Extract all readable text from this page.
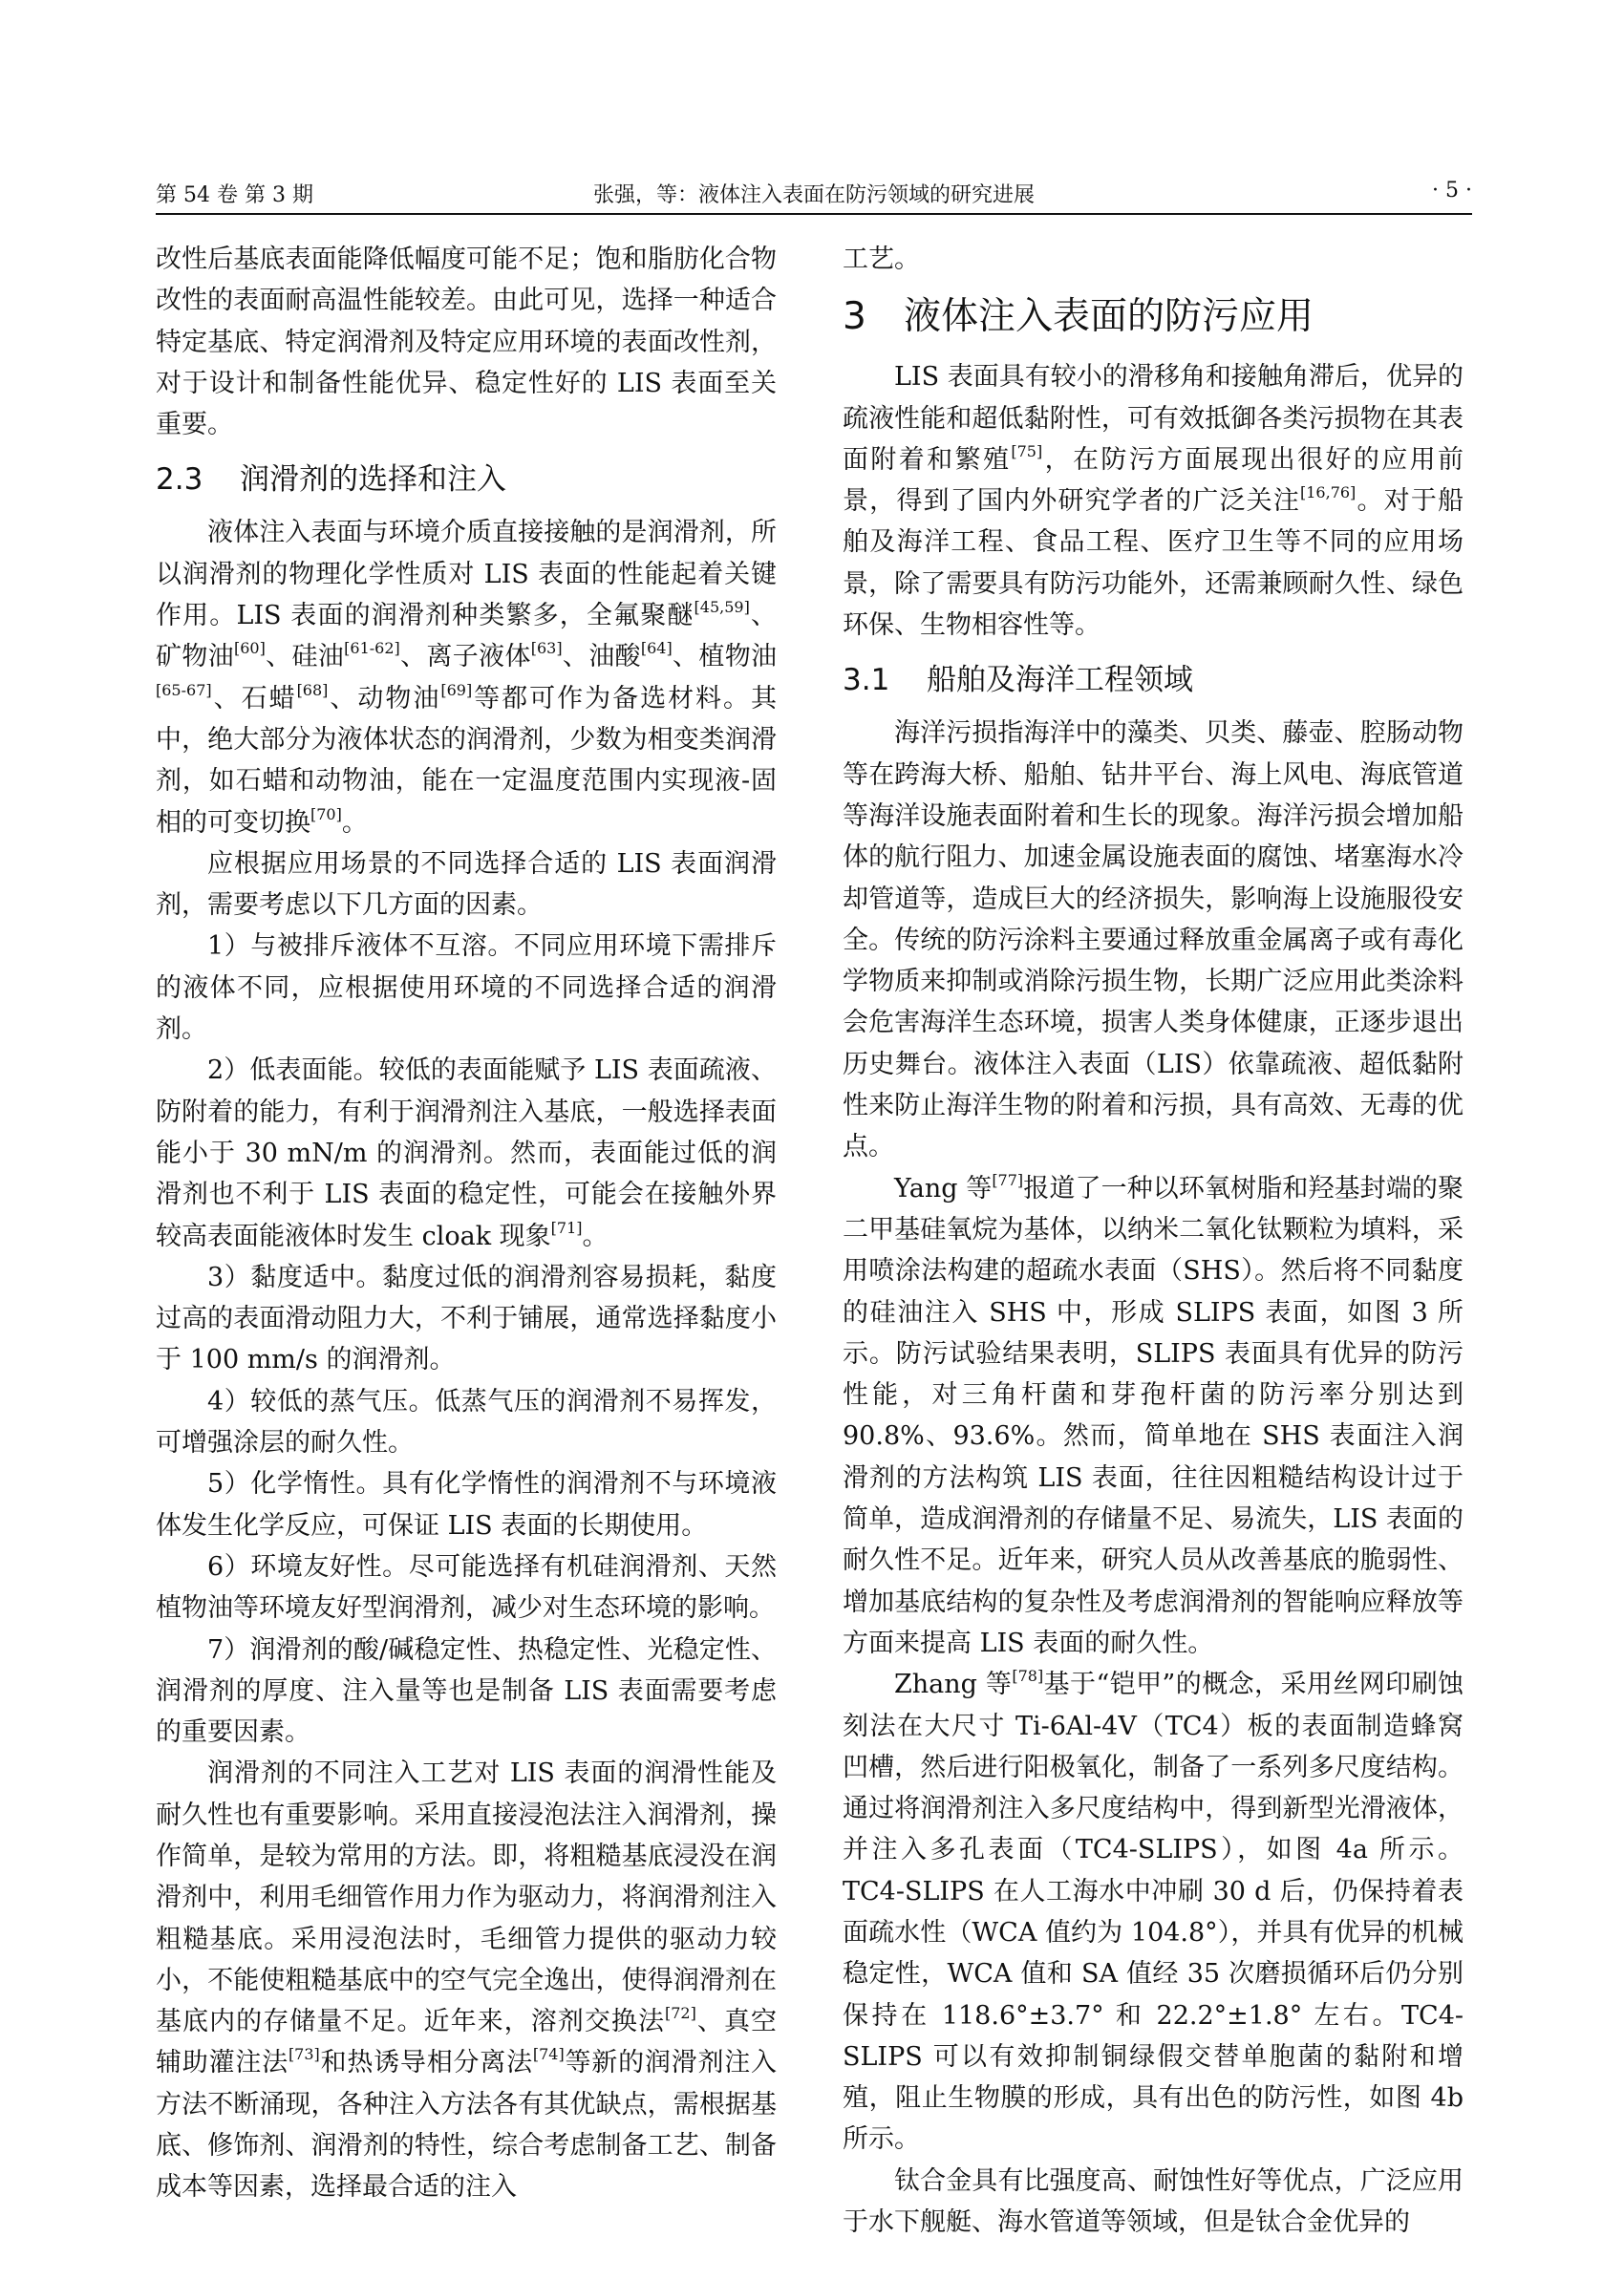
第 54 卷 第 3 期	张强，等：液体注入表面在防污领域的研究进展	· 5 ·

改性后基底表面能降低幅度可能不足；饱和脂肪化合物改性的表面耐高温性能较差。由此可见，选择一种适合特定基底、特定润滑剂及特定应用环境的表面改性剂，对于设计和制备性能优异、稳定性好的 LIS 表面至关重要。

2.3 润滑剂的选择和注入

液体注入表面与环境介质直接接触的是润滑剂，所以润滑剂的物理化学性质对 LIS 表面的性能起着关键作用。LIS 表面的润滑剂种类繁多，全氟聚醚[45,59]、矿物油[60]、硅油[61-62]、离子液体[63]、油酸[64]、植物油[65-67]、石蜡[68]、动物油[69]等都可作为备选材料。其中，绝大部分为液体状态的润滑剂，少数为相变类润滑剂，如石蜡和动物油，能在一定温度范围内实现液-固相的可变切换[70]。

应根据应用场景的不同选择合适的 LIS 表面润滑剂，需要考虑以下几方面的因素。

1）与被排斥液体不互溶。不同应用环境下需排斥的液体不同，应根据使用环境的不同选择合适的润滑剂。

2）低表面能。较低的表面能赋予 LIS 表面疏液、防附着的能力，有利于润滑剂注入基底，一般选择表面能小于 30 mN/m 的润滑剂。然而，表面能过低的润滑剂也不利于 LIS 表面的稳定性，可能会在接触外界较高表面能液体时发生 cloak 现象[71]。

3）黏度适中。黏度过低的润滑剂容易损耗，黏度过高的表面滑动阻力大，不利于铺展，通常选择黏度小于 100 mm/s 的润滑剂。

4）较低的蒸气压。低蒸气压的润滑剂不易挥发，可增强涂层的耐久性。

5）化学惰性。具有化学惰性的润滑剂不与环境液体发生化学反应，可保证 LIS 表面的长期使用。

6）环境友好性。尽可能选择有机硅润滑剂、天然植物油等环境友好型润滑剂，减少对生态环境的影响。

7）润滑剂的酸/碱稳定性、热稳定性、光稳定性、润滑剂的厚度、注入量等也是制备 LIS 表面需要考虑的重要因素。

润滑剂的不同注入工艺对 LIS 表面的润滑性能及耐久性也有重要影响。采用直接浸泡法注入润滑剂，操作简单，是较为常用的方法。即，将粗糙基底浸没在润滑剂中，利用毛细管作用力作为驱动力，将润滑剂注入粗糙基底。采用浸泡法时，毛细管力提供的驱动力较小，不能使粗糙基底中的空气完全逸出，使得润滑剂在基底内的存储量不足。近年来，溶剂交换法[72]、真空辅助灌注法[73]和热诱导相分离法[74]等新的润滑剂注入方法不断涌现，各种注入方法各有其优缺点，需根据基底、修饰剂、润滑剂的特性，综合考虑制备工艺、制备成本等因素，选择最合适的注入

工艺。

3 液体注入表面的防污应用

LIS 表面具有较小的滑移角和接触角滞后，优异的疏液性能和超低黏附性，可有效抵御各类污损物在其表面附着和繁殖[75]，在防污方面展现出很好的应用前景，得到了国内外研究学者的广泛关注[16,76]。对于船舶及海洋工程、食品工程、医疗卫生等不同的应用场景，除了需要具有防污功能外，还需兼顾耐久性、绿色环保、生物相容性等。

3.1 船舶及海洋工程领域

海洋污损指海洋中的藻类、贝类、藤壶、腔肠动物等在跨海大桥、船舶、钻井平台、海上风电、海底管道等海洋设施表面附着和生长的现象。海洋污损会增加船体的航行阻力、加速金属设施表面的腐蚀、堵塞海水冷却管道等，造成巨大的经济损失，影响海上设施服役安全。传统的防污涂料主要通过释放重金属离子或有毒化学物质来抑制或消除污损生物，长期广泛应用此类涂料会危害海洋生态环境，损害人类身体健康，正逐步退出历史舞台。液体注入表面（LIS）依靠疏液、超低黏附性来防止海洋生物的附着和污损，具有高效、无毒的优点。

Yang 等[77]报道了一种以环氧树脂和羟基封端的聚二甲基硅氧烷为基体，以纳米二氧化钛颗粒为填料，采用喷涂法构建的超疏水表面（SHS）。然后将不同黏度的硅油注入 SHS 中，形成 SLIPS 表面，如图 3 所示。防污试验结果表明，SLIPS 表面具有优异的防污性能，对三角杆菌和芽孢杆菌的防污率分别达到 90.8%、93.6%。然而，简单地在 SHS 表面注入润滑剂的方法构筑 LIS 表面，往往因粗糙结构设计过于简单，造成润滑剂的存储量不足、易流失，LIS 表面的耐久性不足。近年来，研究人员从改善基底的脆弱性、增加基底结构的复杂性及考虑润滑剂的智能响应释放等方面来提高 LIS 表面的耐久性。

Zhang 等[78]基于“铠甲”的概念，采用丝网印刷蚀刻法在大尺寸 Ti-6Al-4V（TC4）板的表面制造蜂窝凹槽，然后进行阳极氧化，制备了一系列多尺度结构。通过将润滑剂注入多尺度结构中，得到新型光滑液体，并注入多孔表面（TC4-SLIPS），如图 4a 所示。TC4-SLIPS 在人工海水中冲刷 30 d 后，仍保持着表面疏水性（WCA 值约为 104.8°），并具有优异的机械稳定性，WCA 值和 SA 值经 35 次磨损循环后仍分别保持在 118.6°±3.7° 和 22.2°±1.8° 左右。TC4-SLIPS 可以有效抑制铜绿假交替单胞菌的黏附和增殖，阻止生物膜的形成，具有出色的防污性，如图 4b 所示。

钛合金具有比强度高、耐蚀性好等优点，广泛应用于水下舰艇、海水管道等领域，但是钛合金优异的
